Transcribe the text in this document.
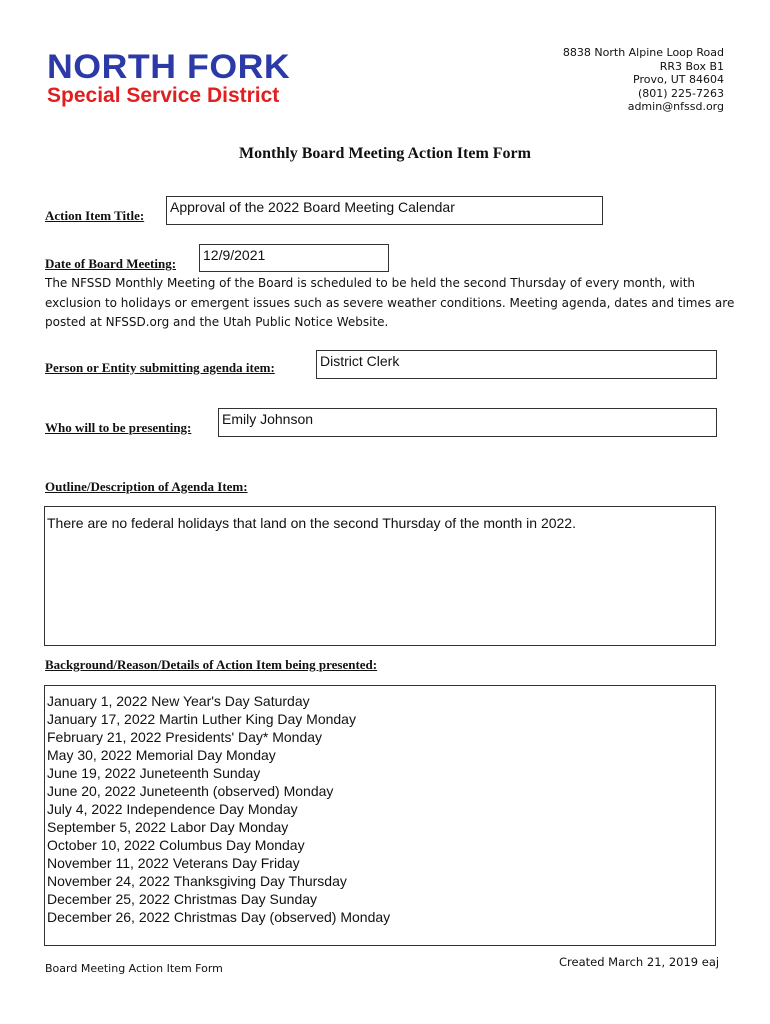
NORTH FORK
Special Service District
8838 North Alpine Loop Road
RR3 Box B1
Provo, UT 84604
(801) 225-7263
admin@nfssd.org
Monthly Board Meeting Action Item Form
Action Item Title:
Approval of the 2022 Board Meeting Calendar
Date of Board Meeting:
12/9/2021
The NFSSD Monthly Meeting of the Board is scheduled to be held the second Thursday of every month, with exclusion to holidays or emergent issues such as severe weather conditions. Meeting agenda, dates and times are posted at NFSSD.org and the Utah Public Notice Website.
Person or Entity submitting agenda item:	District Clerk
Who will to be presenting:
Emily Johnson
Outline/Description of Agenda Item:
There are no federal holidays that land on the second Thursday of the month in 2022.
Background/Reason/Details of Action Item being presented:
January 1, 2022 New Year's Day Saturday
January 17, 2022 Martin Luther King Day Monday
February 21, 2022 Presidents' Day* Monday
May 30, 2022 Memorial Day Monday
June 19, 2022 Juneteenth Sunday
June 20, 2022 Juneteenth (observed) Monday
July 4, 2022 Independence Day Monday
September 5, 2022 Labor Day Monday
October 10, 2022 Columbus Day Monday
November 11, 2022 Veterans Day Friday
November 24, 2022 Thanksgiving Day Thursday
December 25, 2022 Christmas Day Sunday
December 26, 2022 Christmas Day (observed) Monday
Board Meeting Action Item Form	Created March 21, 2019 eaj
